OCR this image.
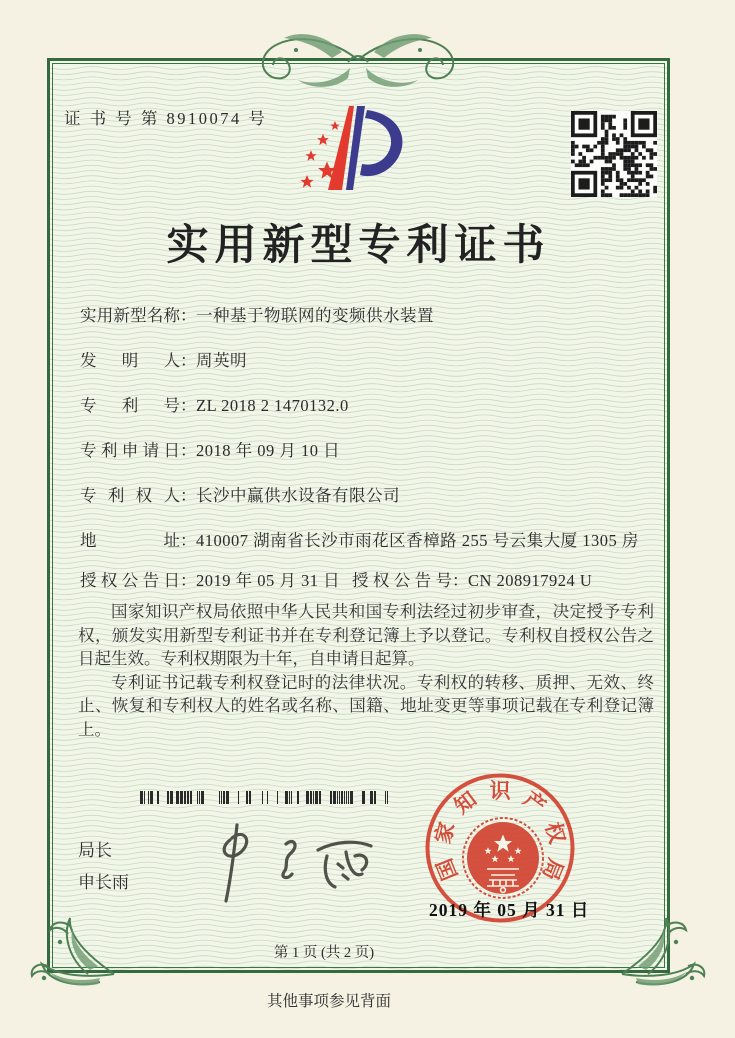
证 书 号 第 8910074 号
实用新型专利证书
实用新型名称：一种基于物联网的变频供水装置
发明人：周英明
专利号：ZL 2018 2 1470132.0
专利申请日：2018 年 09 月 10 日
专利权人：长沙中赢供水设备有限公司
地址：410007 湖南省长沙市雨花区香樟路 255 号云集大厦 1305 房
授权公告日：2019 年 05 月 31 日 授权公告号：CN 208917924 U

国家知识产权局依照中华人民共和国专利法经过初步审查，决定授予专利权，颁发实用新型专利证书并在专利登记簿上予以登记。专利权自授权公告之日起生效。专利权期限为十年，自申请日起算。

专利证书记载专利权登记时的法律状况。专利权的转移、质押、无效、终止、恢复和专利权人的姓名或名称、国籍、地址变更等事项记载在专利登记簿上。

局长
申长雨	国
家
知 识 产
权
局
2019 年 05 月 31 日
第 1 页 (共 2 页)
其他事项参见背面
